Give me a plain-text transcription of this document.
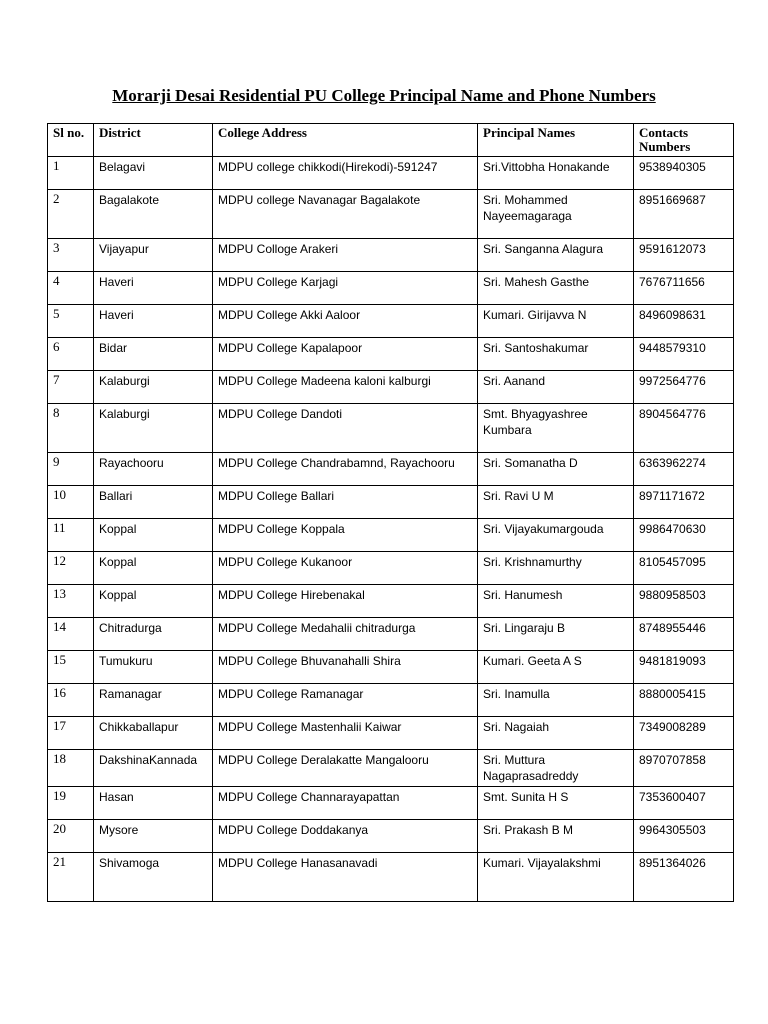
Morarji Desai Residential PU College Principal Name and Phone Numbers
Sl no.	District	College Address	Principal Names	Contacts Numbers
1	Belagavi	MDPU college chikkodi(Hirekodi)-591247	Sri.Vittobha Honakande	9538940305
2	Bagalakote	MDPU college Navanagar Bagalakote	Sri. Mohammed Nayeemagaraga	8951669687
3	Vijayapur	MDPU Colloge Arakeri	Sri. Sanganna Alagura	9591612073
4	Haveri	MDPU College Karjagi	Sri. Mahesh Gasthe	7676711656
5	Haveri	MDPU College Akki Aaloor	Kumari. Girijavva N	8496098631
6	Bidar	MDPU College Kapalapoor	Sri. Santoshakumar	9448579310
7	Kalaburgi	MDPU College Madeena kaloni kalburgi	Sri. Aanand	9972564776
8	Kalaburgi	MDPU College Dandoti	Smt. Bhyagyashree Kumbara	8904564776
9	Rayachooru	MDPU College Chandrabamnd, Rayachooru	Sri. Somanatha D	6363962274
10	Ballari	MDPU College Ballari	Sri. Ravi U M	8971171672
11	Koppal	MDPU College Koppala	Sri. Vijayakumargouda	9986470630
12	Koppal	MDPU College Kukanoor	Sri. Krishnamurthy	8105457095
13	Koppal	MDPU College Hirebenakal	Sri. Hanumesh	9880958503
14	Chitradurga	MDPU College Medahalii chitradurga	Sri. Lingaraju B	8748955446
15	Tumukuru	MDPU College Bhuvanahalli Shira	Kumari. Geeta A S	9481819093
16	Ramanagar	MDPU College Ramanagar	Sri. Inamulla	8880005415
17	Chikkaballapur	MDPU College Mastenhalii Kaiwar	Sri. Nagaiah	7349008289
18	DakshinaKannada	MDPU College Deralakatte Mangalooru	Sri. Muttura Nagaprasadreddy	8970707858
19	Hasan	MDPU College Channarayapattan	Smt. Sunita H S	7353600407
20	Mysore	MDPU College Doddakanya	Sri. Prakash B M	9964305503
21	Shivamoga	MDPU College Hanasanavadi	Kumari. Vijayalakshmi	8951364026
